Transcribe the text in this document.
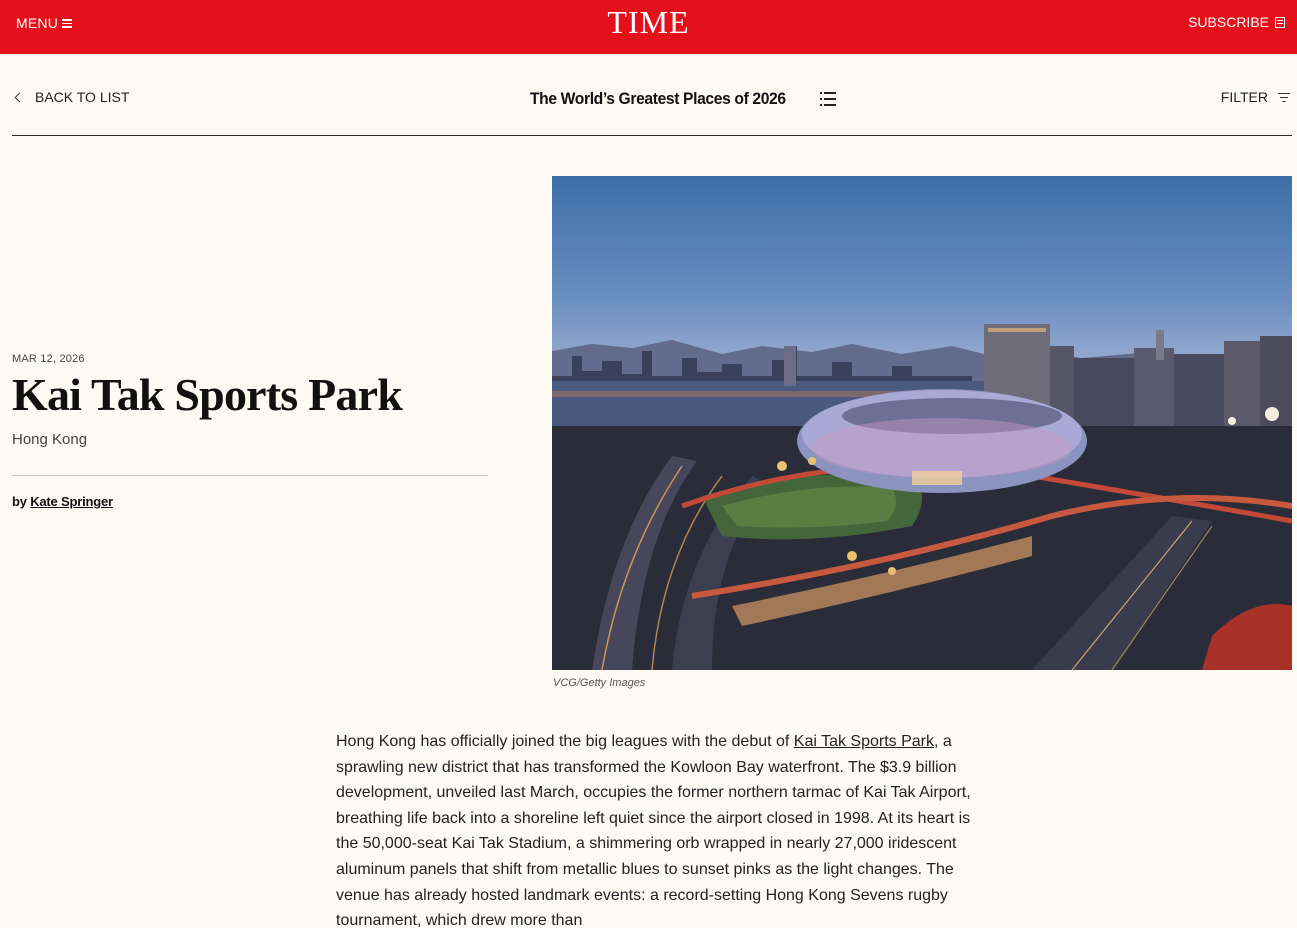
MENU	TIME	SUBSCRIBE
BACK TO LIST	The World’s Greatest Places of 2026	FILTER
MAR 12, 2026
Kai Tak Sports Park
Hong Kong
by Kate Springer
VCG/Getty Images
Hong Kong has officially joined the big leagues with the debut of Kai Tak Sports Park, a sprawling new district that has transformed the Kowloon Bay waterfront. The $3.9 billion development, unveiled last March, occupies the former northern tarmac of Kai Tak Airport, breathing life back into a shoreline left quiet since the airport closed in 1998. At its heart is the 50,000-seat Kai Tak Stadium, a shimmering orb wrapped in nearly 27,000 iridescent aluminum panels that shift from metallic blues to sunset pinks as the light changes. The venue has already hosted landmark events: a record-setting Hong Kong Sevens rugby tournament, which drew more than
